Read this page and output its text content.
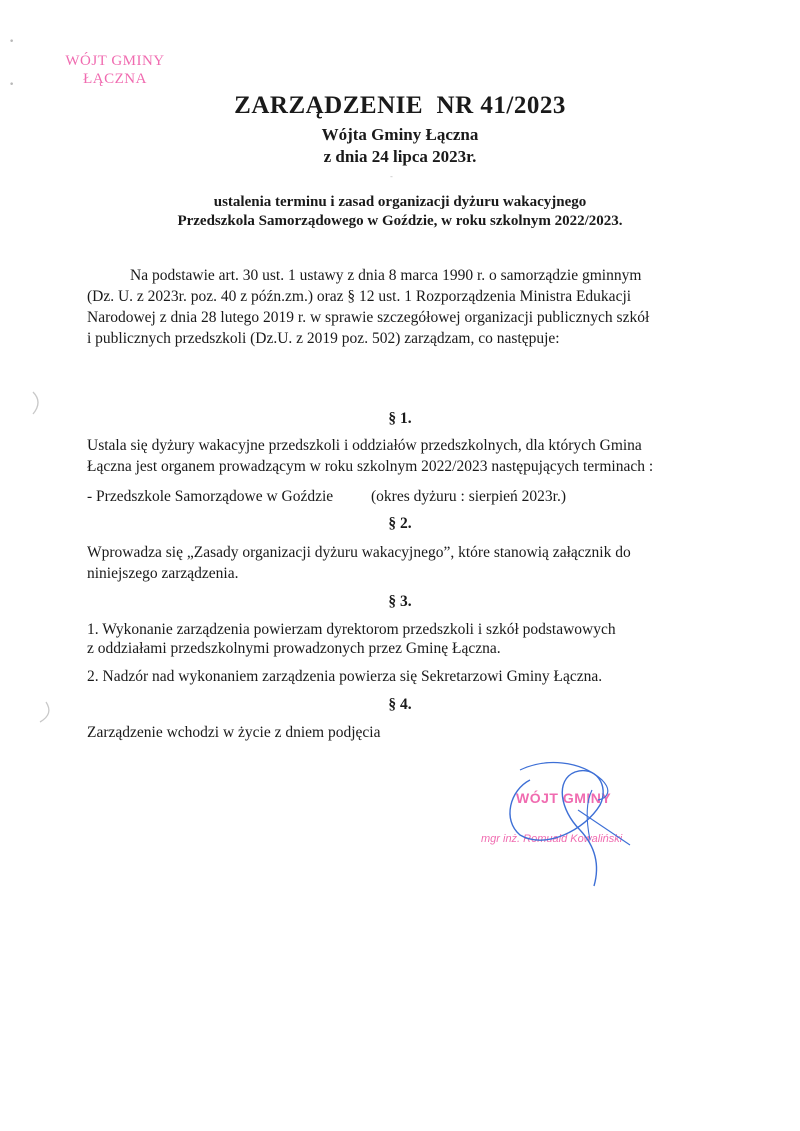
•
•
WÓJT GMINY
ŁĄCZNA
ZARZĄDZENIE  NR 41/2023
Wójta Gminy Łączna
z dnia 24 lipca 2023r.
-
ustalenia terminu i zasad organizacji dyżuru wakacyjnego
Przedszkola Samorządowego w Goździe, w roku szkolnym 2022/2023.
Na podstawie art. 30 ust. 1 ustawy z dnia 8 marca 1990 r. o samorządzie gminnym
(Dz. U. z 2023r. poz. 40 z późn.zm.) oraz § 12 ust. 1 Rozporządzenia Ministra Edukacji
Narodowej z dnia 28 lutego 2019 r. w sprawie szczegółowej organizacji publicznych szkół
i publicznych przedszkoli (Dz.U. z 2019 poz. 502) zarządzam, co następuje:
§ 1.
Ustala się dyżury wakacyjne przedszkoli i oddziałów przedszkolnych, dla których Gmina
Łączna jest organem prowadzącym w roku szkolnym 2022/2023 następujących terminach :
- Przedszkole Samorządowe w Goździe (okres dyżuru : sierpień 2023r.)
§ 2.
Wprowadza się „Zasady organizacji dyżuru wakacyjnego”, które stanowią załącznik do
niniejszego zarządzenia.
§ 3.
1. Wykonanie zarządzenia powierzam dyrektorom przedszkoli i szkół podstawowych
z oddziałami przedszkolnymi prowadzonych przez Gminę Łączna.
2. Nadzór nad wykonaniem zarządzenia powierza się Sekretarzowi Gminy Łączna.
§ 4.
Zarządzenie wchodzi w życie z dniem podjęcia
WÓJT GMINY
mgr inż. Romuald Kowaliński
